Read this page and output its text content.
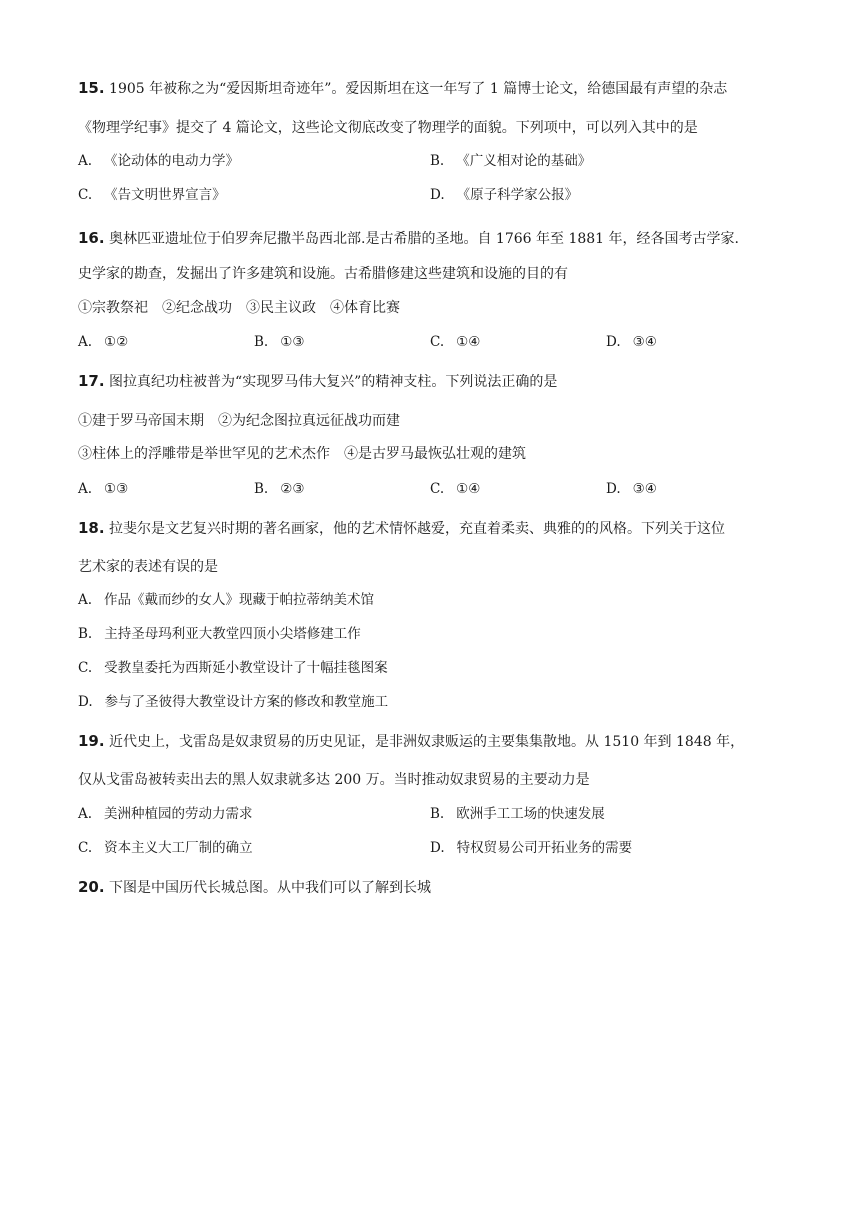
15. 1905 年被称之为“爱因斯坦奇迹年”。爱因斯坦在这一年写了 1 篇博士论文，给德国最有声望的杂志
《物理学纪事》提交了 4 篇论文，这些论文彻底改变了物理学的面貌。下列项中，可以列入其中的是
A. 《论动体的电动力学》	B. 《广义相对论的基础》
C. 《告文明世界宣言》	D. 《原子科学家公报》
16. 奥林匹亚遗址位于伯罗奔尼撒半岛西北部.是古希腊的圣地。自 1766 年至 1881 年，经各国考古学家.
史学家的勘查，发掘出了许多建筑和设施。古希腊修建这些建筑和设施的目的有
①宗教祭祀　②纪念战功　③民主议政　④体育比赛
A. ①②	B. ①③	C. ①④	D. ③④
17. 图拉真纪功柱被普为“实现罗马伟大复兴”的精神支柱。下列说法正确的是
①建于罗马帝国末期　②为纪念图拉真远征战功而建
③柱体上的浮雕带是举世罕见的艺术杰作　④是古罗马最恢弘壮观的建筑
A. ①③	B. ②③	C. ①④	D. ③④
18. 拉斐尔是文艺复兴时期的著名画家，他的艺术情怀越爱，充直着柔卖、典雅的的风格。下列关于这位
艺术家的表述有误的是
A. 作品《戴而纱的女人》现藏于帕拉蒂纳美术馆
B. 主持圣母玛利亚大教堂四顶小尖塔修建工作
C. 受教皇委托为西斯延小教堂设计了十幅挂毯图案
D. 参与了圣彼得大教堂设计方案的修改和教堂施工
19. 近代史上，戈雷岛是奴隶贸易的历史见证，是非洲奴隶贩运的主要集集散地。从 1510 年到 1848 年，
仅从戈雷岛被转卖出去的黑人奴隶就多达 200 万。当时推动奴隶贸易的主要动力是
A. 美洲种植园的劳动力需求	B. 欧洲手工工场的快速发展
C. 资本主义大工厂制的确立	D. 特权贸易公司开拓业务的需要
20. 下图是中国历代长城总图。从中我们可以了解到长城
